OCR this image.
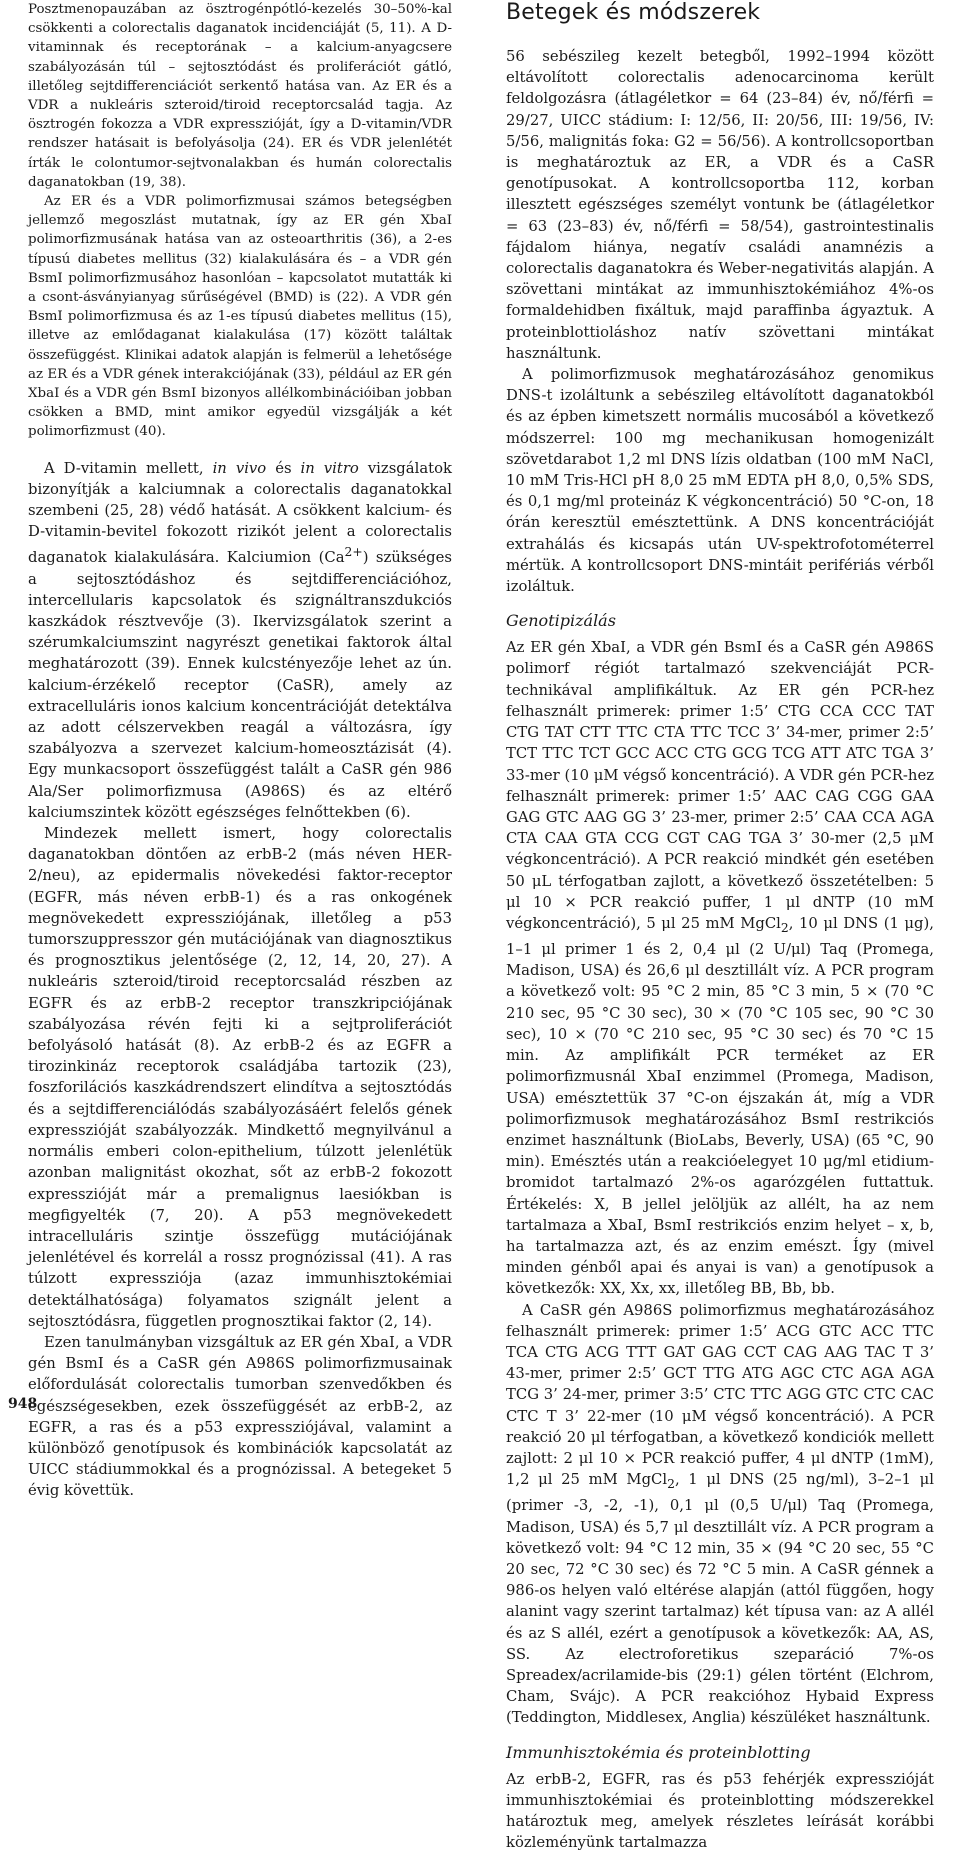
Posztmenopauzában az ösztrogénpótló-kezelés 30–50%-kal csökkenti a colorectalis daganatok incidenciáját (5, 11). A D-vitaminnak és receptorának – a kalcium-anyagcsere szabályozásán túl – sejtosztódást és proliferációt gátló, illetőleg sejtdifferenciációt serkentő hatása van. Az ER és a VDR a nukleáris szteroid/tiroid receptorcsalád tagja. Az ösztrogén fokozza a VDR expresszióját, így a D-vitamin/VDR rendszer hatásait is befolyásolja (24). ER és VDR jelenlétét írták le colontumor-sejtvonalakban és humán colorectalis daganatokban (19, 38).

Az ER és a VDR polimorfizmusai számos betegségben jellemző megoszlást mutatnak, így az ER gén XbaI polimorfizmusának hatása van az osteoarthritis (36), a 2-es típusú diabetes mellitus (32) kialakulására és – a VDR gén BsmI polimorfizmusához hasonlóan – kapcsolatot mutatták ki a csont-ásványianyag sűrűségével (BMD) is (22). A VDR gén BsmI polimorfizmusa és az 1-es típusú diabetes mellitus (15), illetve az emlődaganat kialakulása (17) között találtak összefüggést. Klinikai adatok alapján is felmerül a lehetősége az ER és a VDR gének interakciójának (33), például az ER gén XbaI és a VDR gén BsmI bizonyos allélkombinációiban jobban csökken a BMD, mint amikor egyedül vizsgálják a két polimorfizmust (40).

A D-vitamin mellett, in vivo és in vitro vizsgálatok bizonyítják a kalciumnak a colorectalis daganatokkal szembeni (25, 28) védő hatását. A csökkent kalcium- és D-vitamin-bevitel fokozott rizikót jelent a colorectalis daganatok kialakulására. Kalciumion $(Ca^{2+})$ szükséges a sejtosztódáshoz és sejtdifferenciációhoz, intercellularis kapcsolatok és szignáltranszdukciós kaszkádok résztvevője (3). Ikervizsgálatok szerint a szérumkalciumszint nagyrészt genetikai faktorok által meghatározott (39). Ennek kulcstényezője lehet az ún. kalcium-érzékelő receptor (CaSR), amely az extracelluláris ionos kalcium koncentrációját detektálva az adott célszervekben reagál a változásra, így szabályozva a szervezet kalcium-homeosztázisát (4). Egy munkacsoport összefüggést talált a CaSR gén 986 Ala/Ser polimorfizmusa (A986S) és az eltérő kalciumszintek között egészséges felnőttekben (6).

Mindezek mellett ismert, hogy colorectalis daganatokban döntően az erbB-2 (más néven HER-2/neu), az epidermalis növekedési faktor-receptor (EGFR, más néven erbB-1) és a ras onkogének megnövekedett expressziójának, illetőleg a p53 tumorszuppresszor gén mutációjának van diagnosztikus és prognosztikus jelentősége (2, 12, 14, 20, 27). A nukleáris szteroid/tiroid receptorcsalád részben az EGFR és az erbB-2 receptor transzkripciójának szabályozása révén fejti ki a sejtproliferációt befolyásoló hatását (8). Az erbB-2 és az EGFR a tirozinkináz receptorok családjába tartozik (23), foszforilációs kaszkádrendszert elindítva a sejtosztódás és a sejtdifferenciálódás szabályozásáért felelős gének expresszióját szabályozzák. Mindkettő megnyilvánul a normális emberi colon-epithelium, túlzott jelenlétük azonban malignitást okozhat, sőt az erbB-2 fokozott expresszióját már a premalignus laesiókban is megfigyelték (7, 20). A p53 megnövekedett intracelluláris szintje összefügg mutációjának jelenlétével és korrelál a rossz prognózissal (41). A ras túlzott expressziója (azaz immunhisztokémiai detektálhatósága) folyamatos szignált jelent a sejtosztódásra, független prognosztikai faktor (2, 14).

Ezen tanulmányban vizsgáltuk az ER gén XbaI, a VDR gén BsmI és a CaSR gén A986S polimorfizmusainak előfordulását colorectalis tumorban szenvedőkben és egészségesekben, ezek összefüggését az erbB-2, az EGFR, a ras és a p53 expressziójával, valamint a különböző genotípusok és kombinációk kapcsolatát az UICC stádiummokkal és a prognózissal. A betegeket 5 évig követtük.

Betegek és módszerek

56 sebészileg kezelt betegből, 1992–1994 között eltávolított colorectalis adenocarcinoma került feldolgozásra (átlagéletkor = 64 (23–84) év, nő/férfi = 29/27, UICC stádium: I: 12/56, II: 20/56, III: 19/56, IV: 5/56, malignitás foka: G2 = 56/56). A kontrollcsoportban is meghatároztuk az ER, a VDR és a CaSR genotípusokat. A kontrollcsoportba 112, korban illesztett egészséges személyt vontunk be (átlagéletkor = 63 (23–83) év, nő/férfi = 58/54), gastrointestinalis fájdalom hiánya, negatív családi anamnézis a colorectalis daganatokra és Weber-negativitás alapján. A szövettani mintákat az immunhisztokémiához 4%-os formaldehidben fixáltuk, majd paraffinba ágyaztuk. A proteinblottioláshoz natív szövettani mintákat használtunk.

A polimorfizmusok meghatározásához genomikus DNS-t izoláltunk a sebészileg eltávolított daganatokból és az épben kimetszett normális mucosából a következő módszerrel: 100 mg mechanikusan homogenizált szövetdarabot 1,2 ml DNS lízis oldatban (100 mM NaCl, 10 mM Tris-HCl pH 8,0 25 mM EDTA pH 8,0, 0,5% SDS, és 0,1 mg/ml proteináz K végkoncentráció) 50 °C-on, 18 órán keresztül emésztettünk. A DNS koncentrációját extrahálás és kicsapás után UV-spektrofotométerrel mértük. A kontrollcsoport DNS-mintáit perifériás vérből izoláltuk.

Genotipizálás

Az ER gén XbaI, a VDR gén BsmI és a CaSR gén A986S polimorf régiót tartalmazó szekvenciáját PCR-technikával amplifikáltuk. Az ER gén PCR-hez felhasznált primerek: primer 1:5’ CTG CCA CCC TAT CTG TAT CTT TTC CTA TTC TCC 3’ 34-mer, primer 2:5’ TCT TTC TCT GCC ACC CTG GCG TCG ATT ATC TGA 3’ 33-mer (10 μM végső koncentráció). A VDR gén PCR-hez felhasznált primerek: primer 1:5’ AAC CAG CGG GAA GAG GTC AAG GG 3’ 23-mer, primer 2:5’ CAA CCA AGA CTA CAA GTA CCG CGT CAG TGA 3’ 30-mer (2,5 μM végkoncentráció). A PCR reakció mindkét gén esetében 50 μL térfogatban zajlott, a következő összetételben: 5 μl 10 × PCR reakció puffer, 1 μl dNTP (10 mM végkoncentráció), 5 μl 25 mM MgCl$_2$, 10 μl DNS (1 μg), 1–1 μl primer 1 és 2, 0,4 μl (2 U/μl) Taq (Promega, Madison, USA) és 26,6 μl desztillált víz. A PCR program a következő volt: 95 °C 2 min, 85 °C 3 min, 5 × (70 °C 210 sec, 95 °C 30 sec), 30 × (70 °C 105 sec, 90 °C 30 sec), 10 × (70 °C 210 sec, 95 °C 30 sec) és 70 °C 15 min. Az amplifikált PCR terméket az ER polimorfizmusnál XbaI enzimmel (Promega, Madison, USA) emésztettük 37 °C-on éjszakán át, míg a VDR polimorfizmusok meghatározásához BsmI restrikciós enzimet használtunk (BioLabs, Beverly, USA) (65 °C, 90 min). Emésztés után a reakcióelegyet 10 μg/ml etidium-bromidot tartalmazó 2%-os agarózgélen futtattuk. Értékelés: X, B jellel jelöljük az allélt, ha az nem tartalmaza a XbaI, BsmI restrikciós enzim helyet – x, b, ha tartalmazza azt, és az enzim emészt. Így (mivel minden génből apai és anyai is van) a genotípusok a következők: XX, Xx, xx, illetőleg BB, Bb, bb.

A CaSR gén A986S polimorfizmus meghatározásához felhasznált primerek: primer 1:5’ ACG GTC ACC TTC TCA CTG ACG TTT GAT GAG CCT CAG AAG TAC T 3’ 43-mer, primer 2:5’ GCT TTG ATG AGC CTC AGA AGA TCG 3’ 24-mer, primer 3:5’ CTC TTC AGG GTC CTC CAC CTC T 3’ 22-mer (10 μM végső koncentráció). A PCR reakció 20 μl térfogatban, a következő kondiciók mellett zajlott: 2 μl 10 × PCR reakció puffer, 4 μl dNTP (1mM), 1,2 μl 25 mM MgCl$_2$, 1 μl DNS (25 ng/ml), 3–2–1 μl (primer -3, -2, -1), 0,1 μl (0,5 U/μl) Taq (Promega, Madison, USA) és 5,7 μl desztillált víz. A PCR program a következő volt: 94 °C 12 min, 35 × (94 °C 20 sec, 55 °C 20 sec, 72 °C 30 sec) és 72 °C 5 min. A CaSR génnek a 986-os helyen való eltérése alapján (attól függően, hogy alanint vagy szerint tartalmaz) két típusa van: az A allél és az S allél, ezért a genotípusok a következők: AA, AS, SS. Az electroforetikus szeparáció 7%-os Spreadex/acrilamide-bis (29:1) gélen történt (Elchrom, Cham, Svájc). A PCR reakcióhoz Hybaid Express (Teddington, Middlesex, Anglia) készüléket használtunk.

Immunhisztokémia és proteinblotting

Az erbB-2, EGFR, ras és p53 fehérjék expresszióját immunhisztokémiai és proteinblotting módszerekkel határoztuk meg, amelyek részletes leírását korábbi közleményünk tartalmazza

948
